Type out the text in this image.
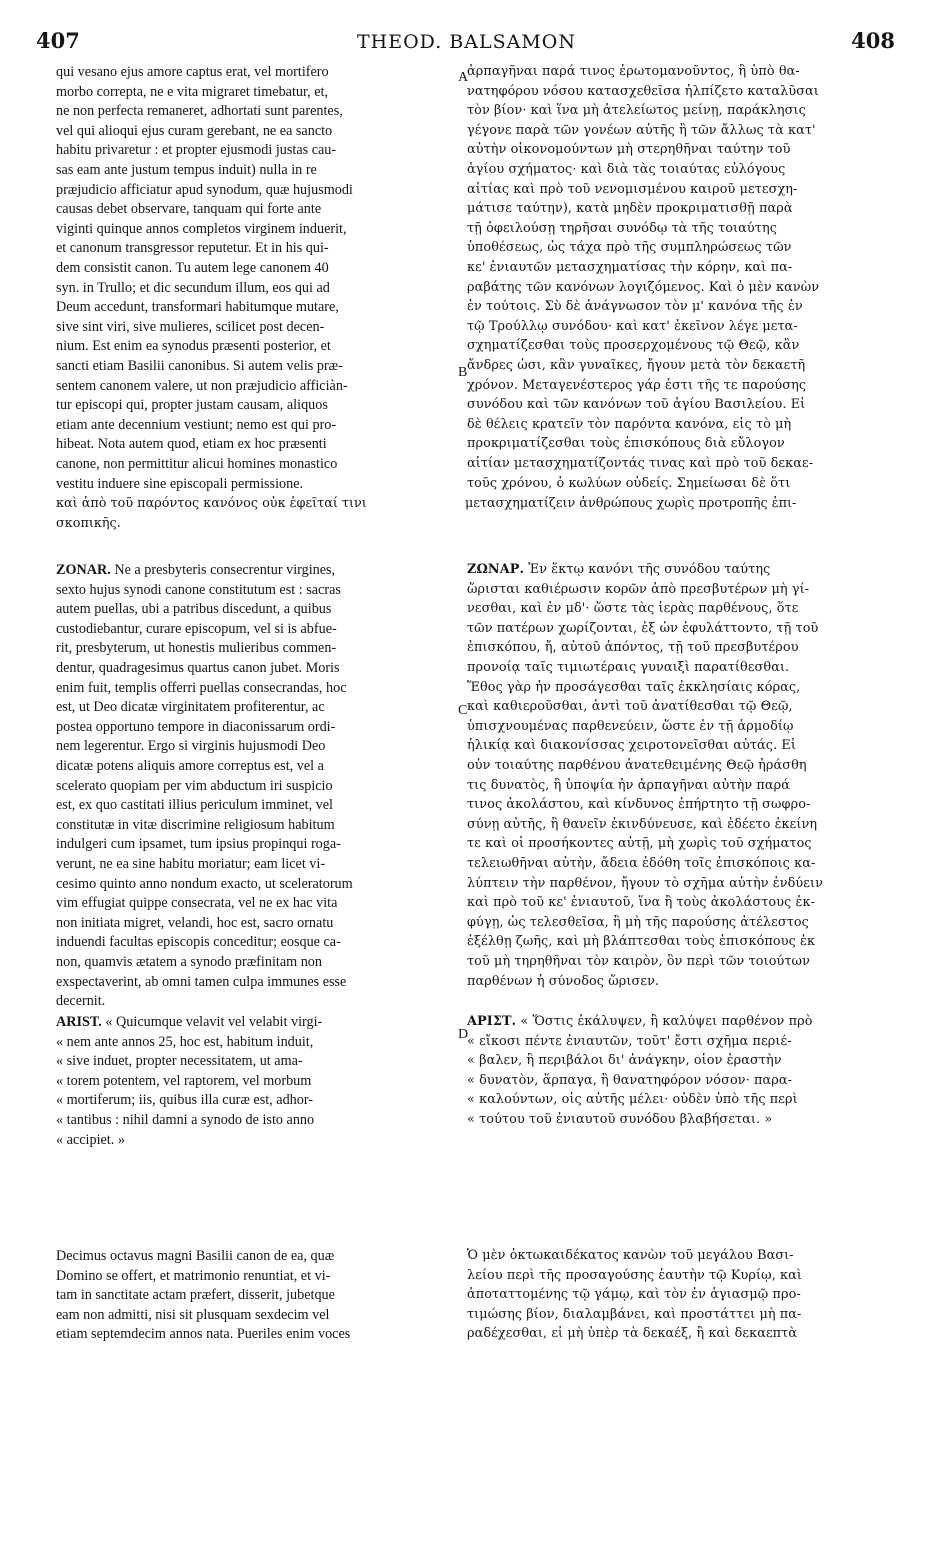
407	THEOD. BALSAMON	408
qui vesano ejus amore captus erat, vel mortifero
morbo correpta, ne e vita migraret timebatur, et,
ne non perfecta remaneret, adhortati sunt parentes,
vel qui alioqui ejus curam gerebant, ne ea sancto
habitu privaretur : et propter ejusmodi justas cau-
sas eam ante justum tempus induit) nulla in re
præjudicio afficiatur apud synodum, quæ hujusmodi
causas debet observare, tanquam qui forte ante
viginti quinque annos completos virginem induerit,
et canonum transgressor reputetur. Et in his qui-
dem consistit canon. Tu autem lege canonem 40
syn. in Trullo; et dic secundum illum, eos qui ad
Deum accedunt, transformari habitumque mutare,
sive sint viri, sive mulieres, scilicet post decen-
nium. Est enim ea synodus præsenti posterior, et
sancti etiam Basilii canonibus. Si autem velis præ-
sentem canonem valere, ut non præjudicio afficiàn-
tur episcopi qui, propter justam causam, aliquos
etiam ante decennium vestiunt; nemo est qui pro-
hibeat. Nota autem quod, etiam ex hoc præsenti
canone, non permittitur alicui homines monastico
vestitu induere sine episcopali permissione.
ZONAR. Ne a presbyteris consecrentur virgines,
sexto hujus synodi canone constitutum est : sacras
autem puellas, ubi a patribus discedunt, a quibus
custodiebantur, curare episcopum, vel si is abfue-
rit, presbyterum, ut honestis mulieribus commen-
dentur, quadragesimus quartus canon jubet. Moris
enim fuit, templis offerri puellas consecrandas, hoc
est, ut Deo dicatæ virginitatem profiterentur, ac
postea opportuno tempore in diaconissarum ordi-
nem legerentur. Ergo si virginis hujusmodi Deo
dicatæ potens aliquis amore correptus est, vel a
scelerato quopiam per vim abductum iri suspicio
est, ex quo castitati illius periculum imminet, vel
constitutæ in vitæ discrimine religiosum habitum
indulgeri cum ipsamet, tum ipsius propinqui roga-
verunt, ne ea sine habitu moriatur; eam licet vi-
cesimo quinto anno nondum exacto, ut sceleratorum
vim effugiat quippe consecrata, vel ne ex hac vita
non initiata migret, velandi, hoc est, sacro ornatu
induendi facultas episcopis conceditur; eosque ca-
non, quamvis ætatem a synodo præfinitam non
exspectaverint, ab omni tamen culpa immunes esse
decernit.
ARIST. « Quicumque velavit vel velabit virgi-
« nem ante annos 25, hoc est, habitum induit,
« sive induet, propter necessitatem, ut ama-
« torem potentem, vel raptorem, vel morbum
« mortiferum; iis, quibus illa curæ est, adhor-
« tantibus : nihil damni a synodo de isto anno
« accipiet. »
Decimus octavus magni Basilii canon de ea, quæ
Domino se offert, et matrimonio renuntiat, et vi-
tam in sanctitate actam præfert, disserit, jubetque
eam non admitti, nisi sit plusquam sexdecim vel
etiam septemdecim annos nata. Pueriles enim voces
ἁρπαγῆναι παρά τινος ἐρωτομανοῦντος, ἢ ὑπὸ θα-
νατηφόρου νόσου κατασχεθεῖσα ἠλπίζετο καταλῦσαι
τὸν βίον· καὶ ἵνα μὴ ἀτελείωτος μείνῃ, παράκλησις
γέγονε παρὰ τῶν γονέων αὐτῆς ἢ τῶν ἄλλως τὰ κατ'
αὐτὴν οἰκονομούντων μὴ στερηθῆναι ταύτην τοῦ
ἁγίου σχήματος· καὶ διὰ τὰς τοιαύτας εὐλόγους
αἰτίας καὶ πρὸ τοῦ νενομισμένου καιροῦ μετεσχη-
μάτισε ταύτην), κατὰ μηδὲν προκριματισθῇ παρὰ
τῇ ὀφειλούσῃ τηρῆσαι συνόδῳ τὰ τῆς τοιαύτης
ὑποθέσεως, ὡς τάχα πρὸ τῆς συμπληρώσεως τῶν
κε' ἐνιαυτῶν μετασχηματίσας τὴν κόρην, καὶ πα-
ραβάτης τῶν κανόνων λογιζόμενος. Καὶ ὁ μὲν κανὼν
ἐν τούτοις. Σὺ δὲ ἀνάγνωσον τὸν μ' κανόνα τῆς ἐν
τῷ Τρούλλῳ συνόδου· καὶ κατ' ἐκεῖνον λέγε μετα-
σχηματίζεσθαι τοὺς προσερχομένους τῷ Θεῷ, κἂν
ἄνδρες ὦσι, κἂν γυναῖκες, ἤγουν μετὰ τὸν δεκαετῆ
χρόνον. Μεταγενέστερος γάρ ἐστι τῆς τε παρούσης
συνόδου καὶ τῶν κανόνων τοῦ ἁγίου Βασιλείου. Εἰ
δὲ θέλεις κρατεῖν τὸν παρόντα κανόνα, εἰς τὸ μὴ
προκριματίζεσθαι τοὺς ἐπισκόπους διὰ εὔλογον
αἰτίαν μετασχηματίζοντάς τινας καὶ πρὸ τοῦ δεκαε-
τοῦς χρόνου, ὁ κωλύων οὐδείς. Σημείωσαι δὲ ὅτι
ΖΩΝΑΡ. Ἐν ἕκτῳ κανόνι τῆς συνόδου ταύτης
ὥρισται καθιέρωσιν κορῶν ἀπὸ πρεσβυτέρων μὴ γί-
νεσθαι, καὶ ἐν μδ'· ὥστε τὰς ἱερὰς παρθένους, ὅτε
τῶν πατέρων χωρίζονται, ἐξ ὧν ἐφυλάττοντο, τῇ τοῦ
ἐπισκόπου, ἤ, αὐτοῦ ἀπόντος, τῇ τοῦ πρεσβυτέρου
προνοίᾳ ταῖς τιμιωτέραις γυναιξὶ παρατίθεσθαι.
Ἔθος γὰρ ἦν προσάγεσθαι ταῖς ἐκκλησίαις κόρας,
καὶ καθιεροῦσθαι, ἀντὶ τοῦ ἀνατίθεσθαι τῷ Θεῷ,
ὑπισχνουμένας παρθενεύειν, ὥστε ἐν τῇ ἁρμοδίῳ
ἡλικίᾳ καὶ διακονίσσας χειροτονεῖσθαι αὐτάς. Εἰ
οὖν τοιαύτης παρθένου ἀνατεθειμένης Θεῷ ἠράσθη
τις δυνατὸς, ἢ ὑποψία ἦν ἁρπαγῆναι αὐτὴν παρά
τινος ἀκολάστου, καὶ κίνδυνος ἐπήρτητο τῇ σωφρο-
σύνῃ αὐτῆς, ἢ θανεῖν ἐκινδύνευσε, καὶ ἐδέετο ἐκείνη
τε καὶ οἱ προσήκοντες αὐτῇ, μὴ χωρὶς τοῦ σχήματος
τελειωθῆναι αὐτὴν, ἄδεια ἐδόθη τοῖς ἐπισκόποις κα-
λύπτειν τὴν παρθένον, ἤγουν τὸ σχῆμα αὐτὴν ἐνδύειν
καὶ πρὸ τοῦ κε' ἐνιαυτοῦ, ἵνα ἢ τοὺς ἀκολάστους ἐκ-
φύγῃ, ὡς τελεσθεῖσα, ἢ μὴ τῆς παρούσης ἀτέλεστος
ἐξέλθῃ ζωῆς, καὶ μὴ βλάπτεσθαι τοὺς ἐπισκόπους ἐκ
τοῦ μὴ τηρηθῆναι τὸν καιρὸν, ὃν περὶ τῶν τοιούτων
παρθένων ἡ σύνοδος ὥρισεν.
ΑΡΙΣΤ. « Ὅστις ἐκάλυψεν, ἢ καλύψει παρθένον πρὸ
« εἴκοσι πέντε ἐνιαυτῶν, τοῦτ' ἔστι σχῆμα περιέ-
« βαλεν, ἢ περιβάλοι δι' ἀνάγκην, οἷον ἐραστὴν
« δυνατὸν, ἅρπαγα, ἢ θανατηφόρον νόσον· παρα-
« καλούντων, οἷς αὐτῆς μέλει· οὐδὲν ὑπὸ τῆς περὶ
« τούτου τοῦ ἐνιαυτοῦ συνόδου βλαβήσεται. »
Ὁ μὲν ὀκτωκαιδέκατος κανὼν τοῦ μεγάλου Βασι-
λείου περὶ τῆς προσαγούσης ἑαυτὴν τῷ Κυρίῳ, καὶ
ἀποταττομένης τῷ γάμῳ, καὶ τὸν ἐν ἁγιασμῷ προ-
τιμώσης βίον, διαλαμβάνει, καὶ προστάττει μὴ πα-
ραδέχεσθαι, εἰ μὴ ὑπὲρ τὰ δεκαέξ, ἢ καὶ δεκαεπτὰ
A
B
C
D
καὶ ἀπὸ τοῦ παρόντος κανόνος οὐκ ἐφεῖταί τινι	μετασχηματίζειν ἀνθρώπους χωρὶς προτροπῆς ἐπι-
σκοπικῆς.
